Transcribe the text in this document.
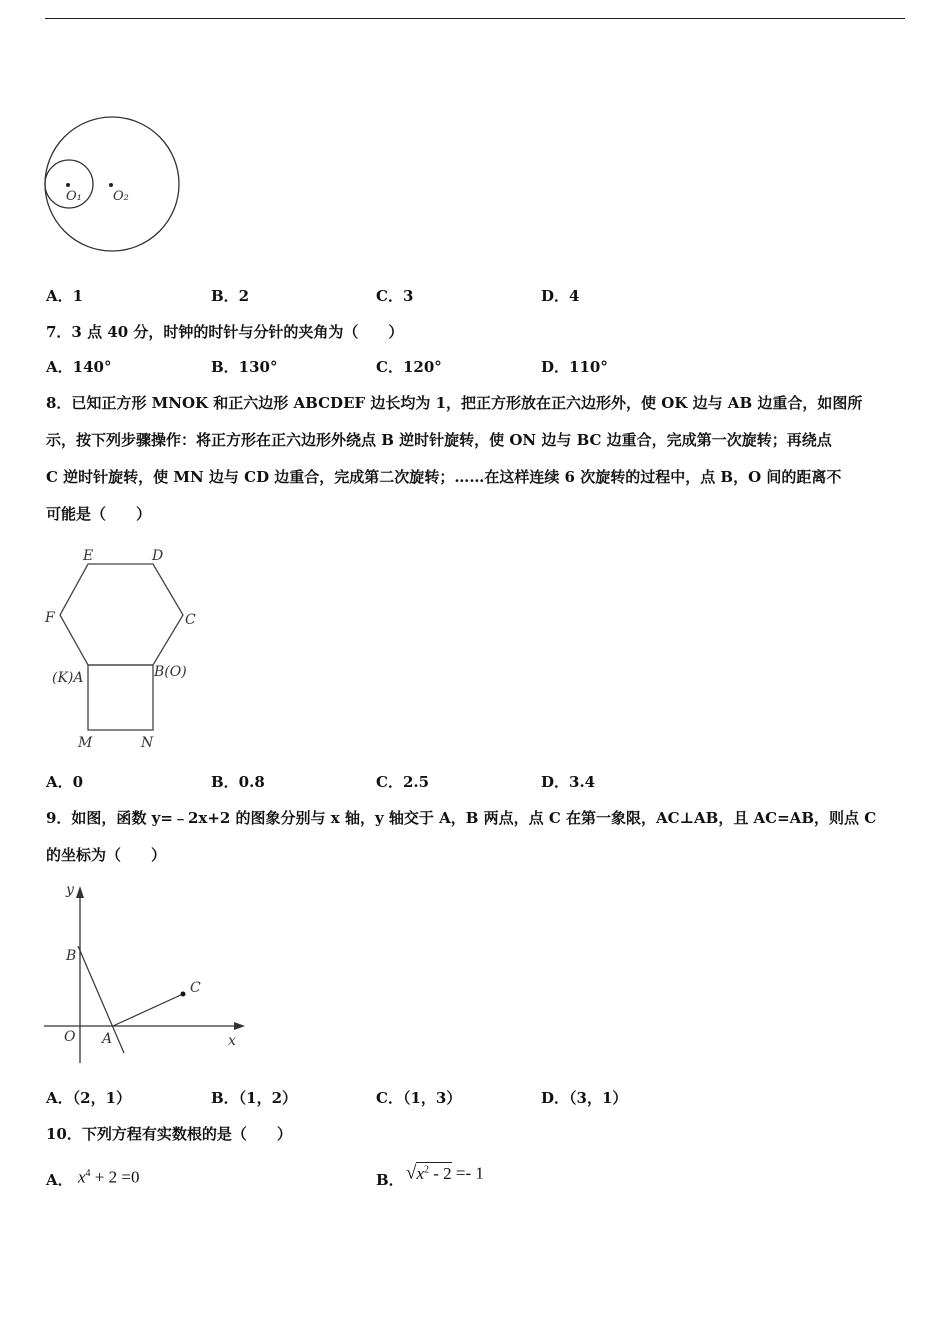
O₁ O₂
A．1	B．2	C．3	D．4
7．3 点 40 分，时钟的时针与分针的夹角为（　　）
A．140°	B．130°	C．120°	D．110°
8．已知正方形 MNOK 和正六边形 ABCDEF 边长均为 1，把正方形放在正六边形外，使 OK 边与 AB 边重合，如图所
示，按下列步骤操作：将正方形在正六边形外绕点 B 逆时针旋转，使 ON 边与 BC 边重合，完成第一次旋转；再绕点
C 逆时针旋转，使 MN 边与 CD 边重合，完成第二次旋转；……在这样连续 6 次旋转的过程中，点 B，O 间的距离不
可能是（　　）
E	D
F	C
(K)A	B(O)
M	N
A．0	B．0.8	C．2.5	D．3.4
9．如图，函数 y=﹣2x+2 的图象分别与 x 轴，y 轴交于 A，B 两点，点 C 在第一象限，AC⊥AB，且 AC=AB，则点 C
的坐标为（　　）
y
x
B
O A
C
A．（2，1）	B．（1，2）	C．（1，3）	D．（3，1）
10．下列方程有实数根的是（　　）
A． $x^4 + 2 =0$	B． $√x^2 - 2 =- 1$
